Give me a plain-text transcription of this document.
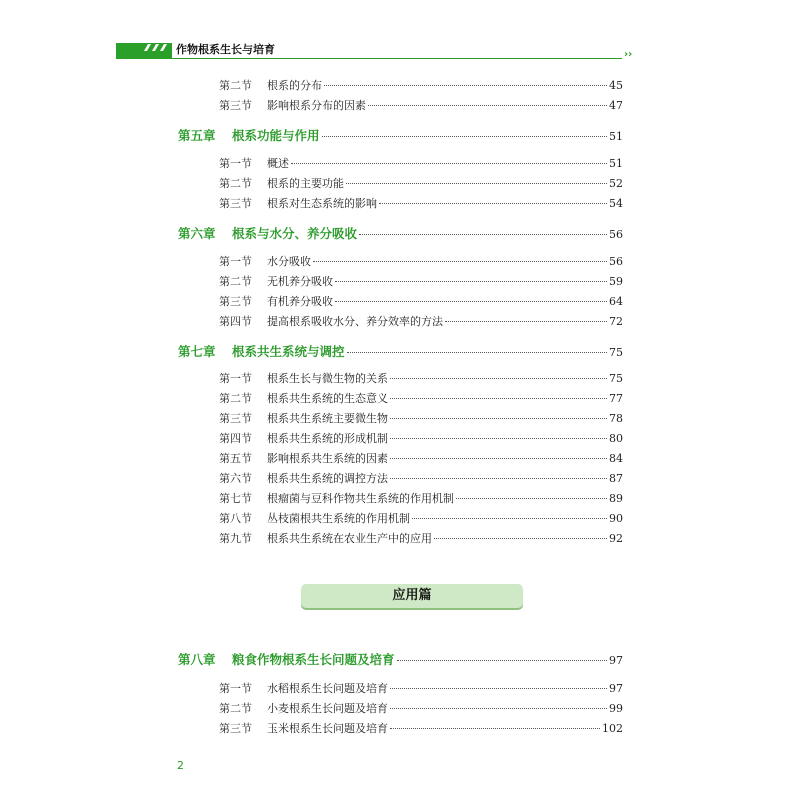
作物根系生长与培育	››
第二节	根系的分布	45
第三节	影响根系分布的因素	47
第五章	根系功能与作用	51
第一节	概述	51
第二节	根系的主要功能	52
第三节	根系对生态系统的影响	54
第六章	根系与水分、养分吸收	56
第一节	水分吸收	56
第二节	无机养分吸收	59
第三节	有机养分吸收	64
第四节	提高根系吸收水分、养分效率的方法	72
第七章	根系共生系统与调控	75
第一节	根系生长与微生物的关系	75
第二节	根系共生系统的生态意义	77
第三节	根系共生系统主要微生物	78
第四节	根系共生系统的形成机制	80
第五节	影响根系共生系统的因素	84
第六节	根系共生系统的调控方法	87
第七节	根瘤菌与豆科作物共生系统的作用机制	89
第八节	丛枝菌根共生系统的作用机制	90
第九节	根系共生系统在农业生产中的应用	92
第八章	粮食作物根系生长问题及培育	97
第一节	水稻根系生长问题及培育	97
第二节	小麦根系生长问题及培育	99
第三节	玉米根系生长问题及培育	102
应用篇
2
